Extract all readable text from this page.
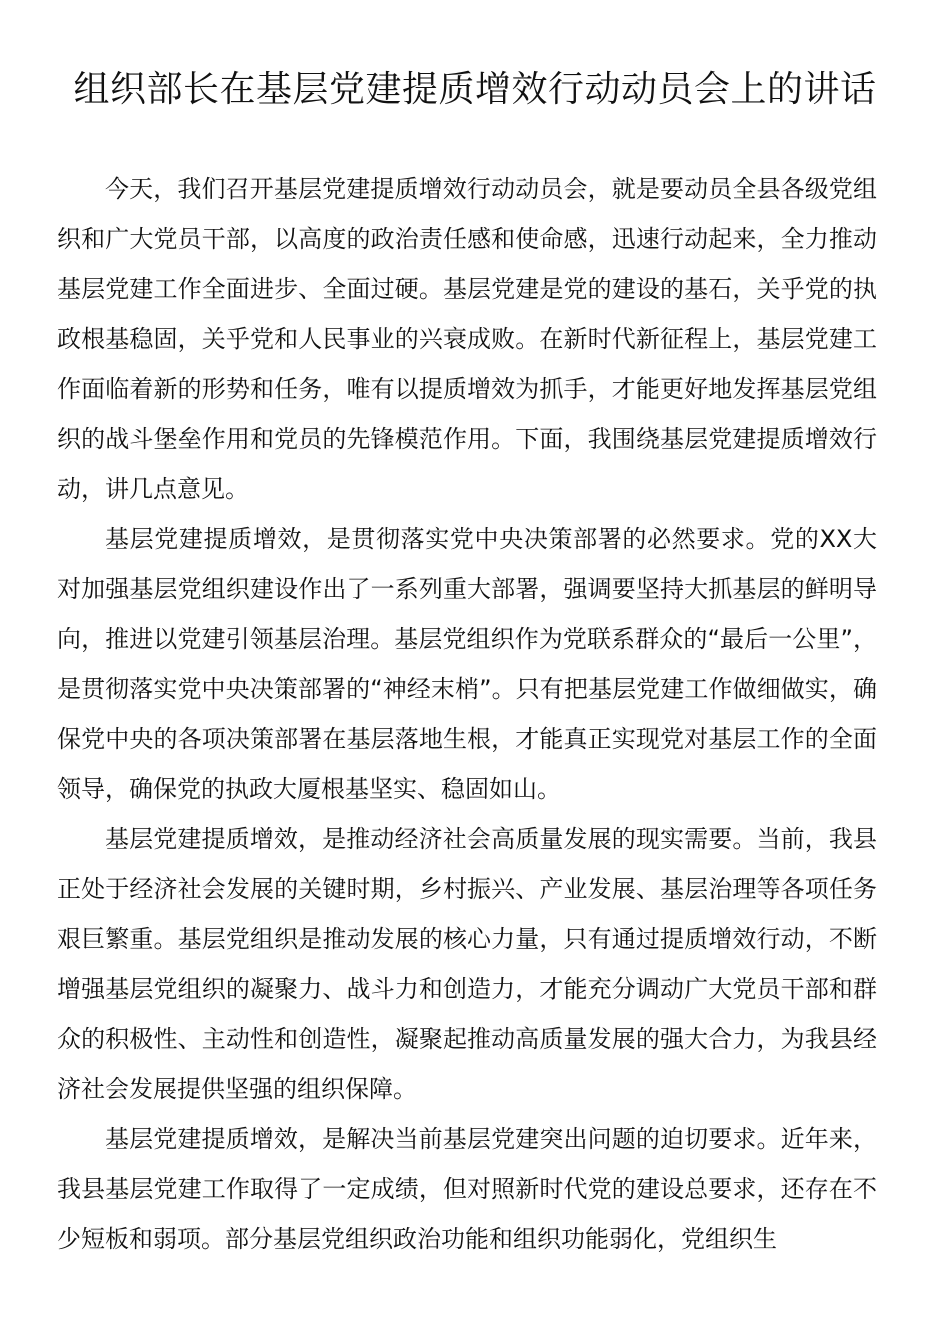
组织部长在基层党建提质增效行动动员会上的讲话

今天，我们召开基层党建提质增效行动动员会，就是要动员全县各级党组织和广大党员干部，以高度的政治责任感和使命感，迅速行动起来，全力推动基层党建工作全面进步、全面过硬。基层党建是党的建设的基石，关乎党的执政根基稳固，关乎党和人民事业的兴衰成败。在新时代新征程上，基层党建工作面临着新的形势和任务，唯有以提质增效为抓手，才能更好地发挥基层党组织的战斗堡垒作用和党员的先锋模范作用。下面，我围绕基层党建提质增效行动，讲几点意见。

基层党建提质增效，是贯彻落实党中央决策部署的必然要求。党的XX大对加强基层党组织建设作出了一系列重大部署，强调要坚持大抓基层的鲜明导向，推进以党建引领基层治理。基层党组织作为党联系群众的“最后一公里”，是贯彻落实党中央决策部署的“神经末梢”。只有把基层党建工作做细做实，确保党中央的各项决策部署在基层落地生根，才能真正实现党对基层工作的全面领导，确保党的执政大厦根基坚实、稳固如山。

基层党建提质增效，是推动经济社会高质量发展的现实需要。当前，我县正处于经济社会发展的关键时期，乡村振兴、产业发展、基层治理等各项任务艰巨繁重。基层党组织是推动发展的核心力量，只有通过提质增效行动，不断增强基层党组织的凝聚力、战斗力和创造力，才能充分调动广大党员干部和群众的积极性、主动性和创造性，凝聚起推动高质量发展的强大合力，为我县经济社会发展提供坚强的组织保障。

基层党建提质增效，是解决当前基层党建突出问题的迫切要求。近年来，我县基层党建工作取得了一定成绩，但对照新时代党的建设总要求，还存在不少短板和弱项。部分基层党组织政治功能和组织功能弱化，党组织生
